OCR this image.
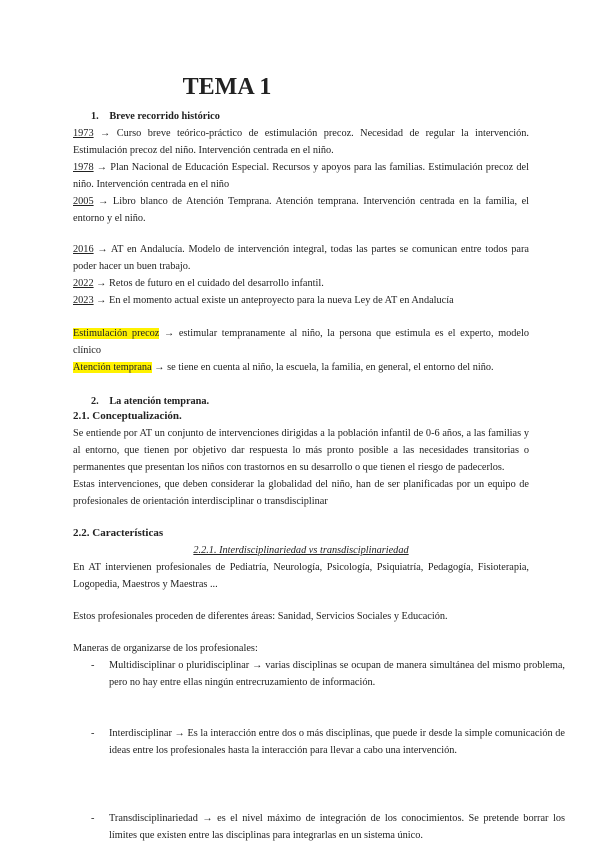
TEMA 1
1. Breve recorrido histórico
1973 → Curso breve teórico-práctico de estimulación precoz. Necesidad de regular la intervención. Estimulación precoz del niño. Intervención centrada en el niño.
1978 → Plan Nacional de Educación Especial. Recursos y apoyos para las familias. Estimulación precoz del niño. Intervención centrada en el niño
2005 → Libro blanco de Atención Temprana. Atención temprana. Intervención centrada en la familia, el entorno y el niño.
2016 → AT en Andalucía. Modelo de intervención integral, todas las partes se comunican entre todos para poder hacer un buen trabajo.
2022 → Retos de futuro en el cuidado del desarrollo infantil.
2023 → En el momento actual existe un anteproyecto para la nueva Ley de AT en Andalucía
Estimulación precoz → estimular tempranamente al niño, la persona que estimula es el experto, modelo clínico
Atención temprana → se tiene en cuenta al niño, la escuela, la familia, en general, el entorno del niño.
2. La atención temprana.
2.1. Conceptualización.
Se entiende por AT un conjunto de intervenciones dirigidas a la población infantil de 0-6 años, a las familias y al entorno, que tienen por objetivo dar respuesta lo más pronto posible a las necesidades transitorias o permanentes que presentan los niños con trastornos en su desarrollo o que tienen el riesgo de padecerlos.
Estas intervenciones, que deben considerar la globalidad del niño, han de ser planificadas por un equipo de profesionales de orientación interdisciplinar o transdisciplinar
2.2. Características
2.2.1. Interdisciplinariedad vs transdisciplinariedad
En AT intervienen profesionales de Pediatría, Neurología, Psicología, Psiquiatría, Pedagogía, Fisioterapia, Logopedia, Maestros y Maestras ...
Estos profesionales proceden de diferentes áreas: Sanidad, Servicios Sociales y Educación.
Maneras de organizarse de los profesionales:
- Multidisciplinar o pluridisciplinar → varias disciplinas se ocupan de manera simultánea del mismo problema, pero no hay entre ellas ningún entrecruzamiento de información.
- Interdisciplinar → Es la interacción entre dos o más disciplinas, que puede ir desde la simple comunicación de ideas entre los profesionales hasta la interacción para llevar a cabo una intervención.
- Transdisciplinariedad → es el nivel máximo de integración de los conocimientos. Se pretende borrar los límites que existen entre las disciplinas para integrarlas en un sistema único.
